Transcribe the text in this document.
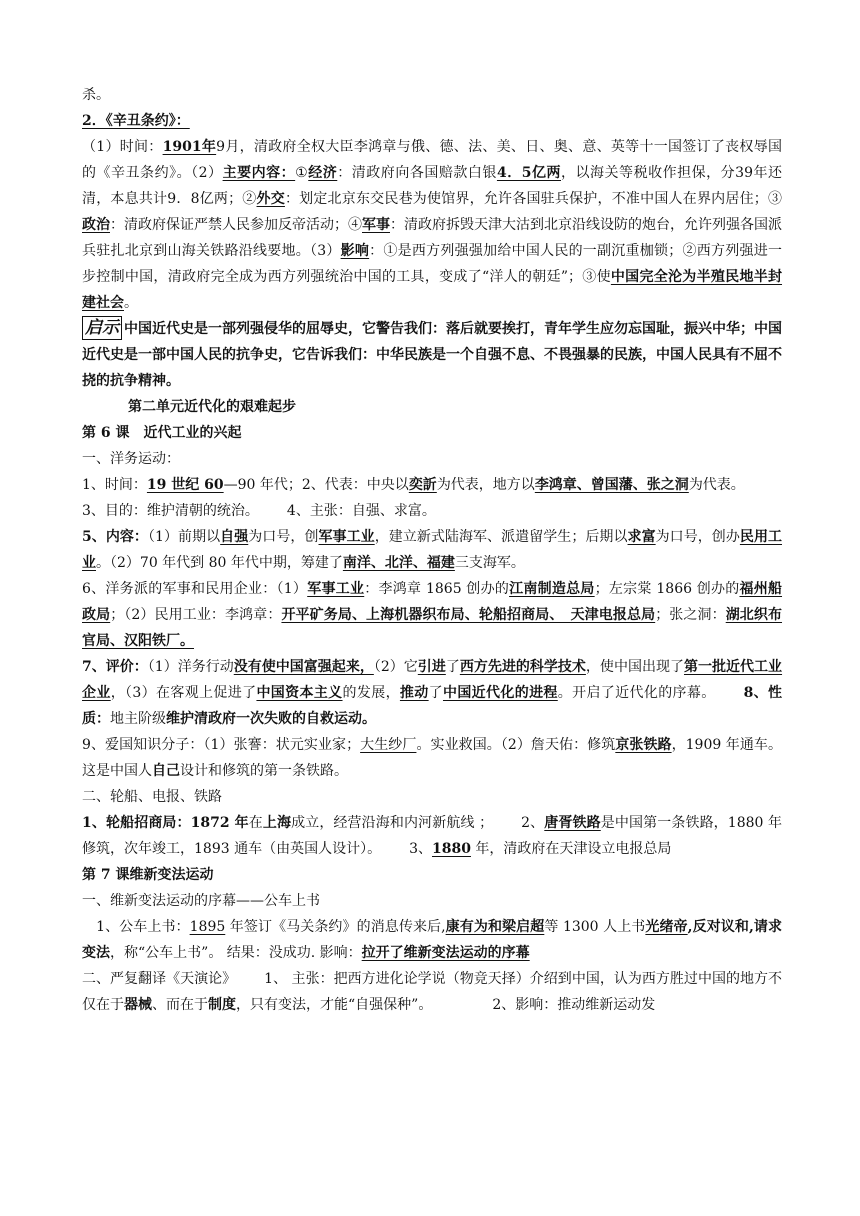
杀。

2．《辛丑条约》：

（1）时间：1901年9月，清政府全权大臣李鸿章与俄、德、法、美、日、奥、意、英等十一国签订了丧权辱国的《辛丑条约》。（2）主要内容：①经济：清政府向各国赔款白银4．5亿两，以海关等税收作担保，分39年还清，本息共计9．8亿两；②外交：划定北京东交民巷为使馆界，允许各国驻兵保护，不准中国人在界内居住；③政治：清政府保证严禁人民参加反帝活动；④军事：清政府拆毁天津大沽到北京沿线设防的炮台，允许列强各国派兵驻扎北京到山海关铁路沿线要地。（3）影响：①是西方列强强加给中国人民的一副沉重枷锁；②西方列强进一步控制中国，清政府完全成为西方列强统治中国的工具，变成了“洋人的朝廷”；③使中国完全沦为半殖民地半封建社会。

启示 中国近代史是一部列强侵华的屈辱史，它警告我们：落后就要挨打，青年学生应勿忘国耻，振兴中华；中国近代史是一部中国人民的抗争史，它告诉我们：中华民族是一个自强不息、不畏强暴的民族，中国人民具有不屈不挠的抗争精神。

第二单元近代化的艰难起步

第 6 课　近代工业的兴起

一、洋务运动：

1、时间：19 世纪 60—90 年代；2、代表：中央以奕訢为代表，地方以李鸿章、曾国藩、张之洞为代表。

3、目的：维护清朝的统治。 4、主张：自强、求富。

5、内容：（1）前期以自强为口号，创军事工业，建立新式陆海军、派遣留学生；后期以求富为口号，创办民用工业。（2）70 年代到 80 年代中期，筹建了南洋、北洋、福建三支海军。

6、洋务派的军事和民用企业：（1）军事工业：李鸿章 1865 创办的江南制造总局；左宗棠 1866 创办的福州船政局；（2）民用工业：李鸿章：开平矿务局、上海机器织布局、轮船招商局、　天津电报总局；张之洞：湖北织布官局、汉阳铁厂。

7、评价：（1）洋务行动没有使中国富强起来，（2）它引进了西方先进的科学技术，使中国出现了第一批近代工业企业，（3）在客观上促进了中国资本主义的发展，推动了中国近代化的进程。开启了近代化的序幕。 8、性质：地主阶级维护清政府一次失败的自救运动。

9、爱国知识分子：（1）张謇：状元实业家；大生纱厂。实业救国。（2）詹天佑：修筑京张铁路，1909 年通车。这是中国人自己设计和修筑的第一条铁路。

二、轮船、电报、铁路

1、轮船招商局：1872 年在上海成立，经营沿海和内河新航线 ； 2、唐胥铁路是中国第一条铁路，1880 年修筑，次年竣工，1893 通车（由英国人设计）。 3、1880 年，清政府在天津设立电报总局

第 7 课维新变法运动

一、维新变法运动的序幕——公车上书

　1、公车上书：1895 年签订《马关条约》的消息传来后,康有为和梁启超等 1300 人上书光绪帝,反对议和,请求变法，称“公车上书”。 结果：没成功. 影响：拉开了维新变法运动的序幕

二、严复翻译《天演论》 1、 主张：把西方进化论学说（物竞天择）介绍到中国，认为西方胜过中国的地方不仅在于器械、而在于制度，只有变法，才能“自强保种”。	2、影响：推动维新运动发
